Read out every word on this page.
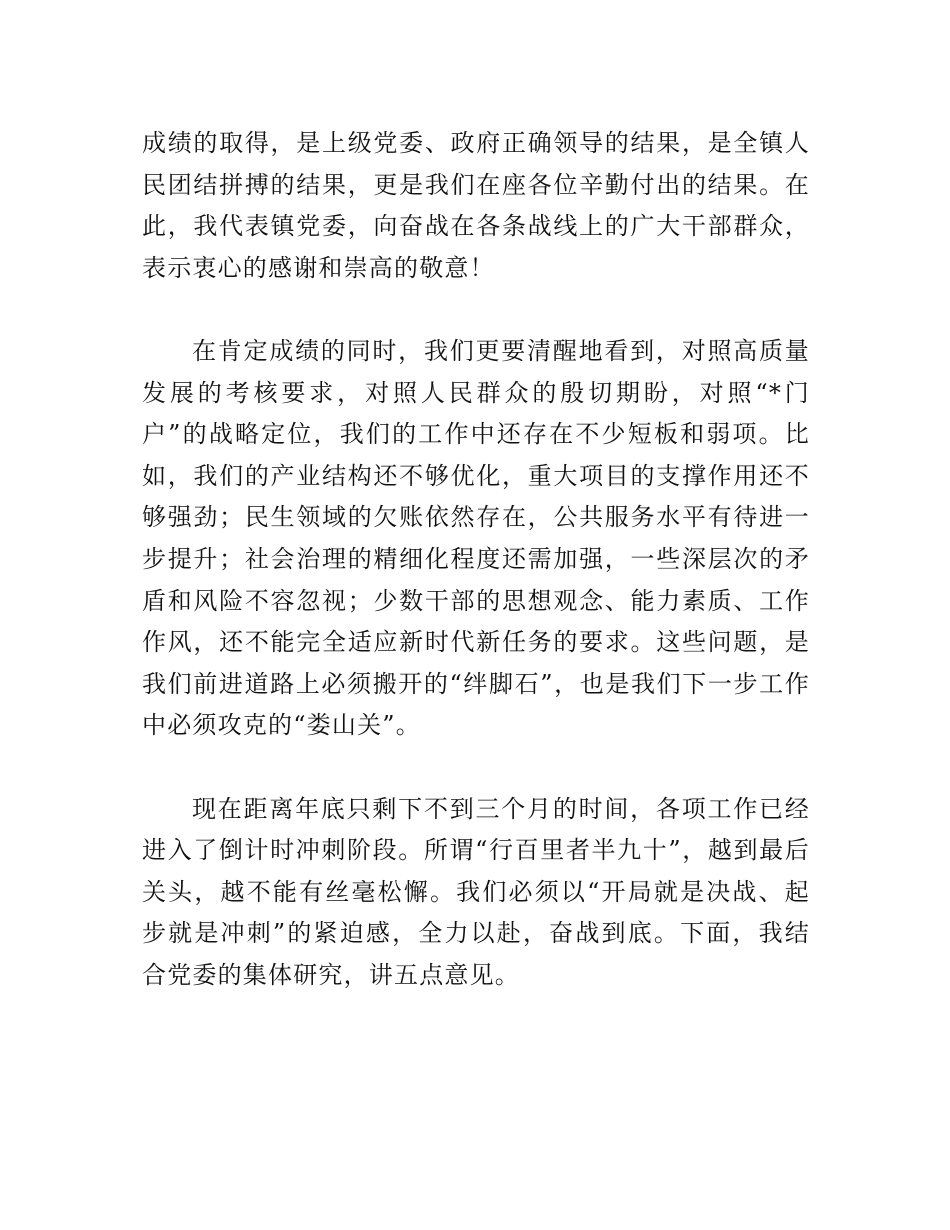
成绩的取得，是上级党委、政府正确领导的结果，是全镇人民团结拼搏的结果，更是我们在座各位辛勤付出的结果。在此，我代表镇党委，向奋战在各条战线上的广大干部群众，表示衷心的感谢和崇高的敬意！

在肯定成绩的同时，我们更要清醒地看到，对照高质量发展的考核要求，对照人民群众的殷切期盼，对照“*门户”的战略定位，我们的工作中还存在不少短板和弱项。比如，我们的产业结构还不够优化，重大项目的支撑作用还不够强劲；民生领域的欠账依然存在，公共服务水平有待进一步提升；社会治理的精细化程度还需加强，一些深层次的矛盾和风险不容忽视；少数干部的思想观念、能力素质、工作作风，还不能完全适应新时代新任务的要求。这些问题，是我们前进道路上必须搬开的“绊脚石”，也是我们下一步工作中必须攻克的“娄山关”。

现在距离年底只剩下不到三个月的时间，各项工作已经进入了倒计时冲刺阶段。所谓“行百里者半九十”，越到最后关头，越不能有丝毫松懈。我们必须以“开局就是决战、起步就是冲刺”的紧迫感，全力以赴，奋战到底。下面，我结合党委的集体研究，讲五点意见。
